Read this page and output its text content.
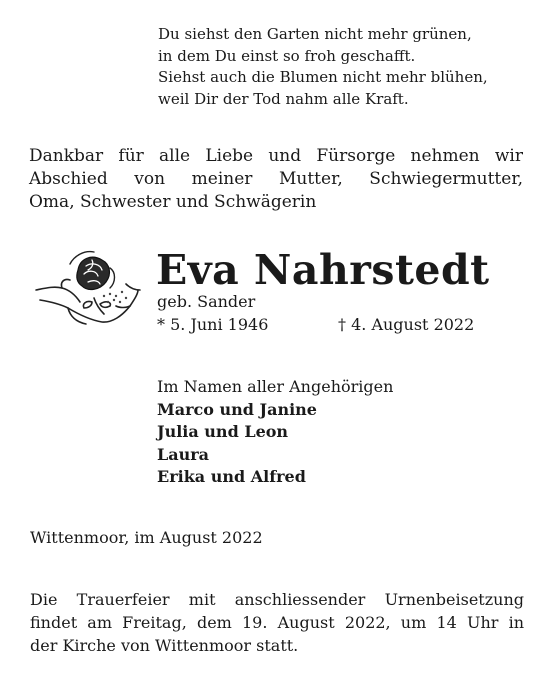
Du siehst den Garten nicht mehr grünen,
in dem Du einst so froh geschafft.
Siehst auch die Blumen nicht mehr blühen,
weil Dir der Tod nahm alle Kraft.
Dankbar für alle Liebe und Fürsorge nehmen wir
Abschied von meiner Mutter, Schwiegermutter,
Oma, Schwester und Schwägerin
Eva Nahrstedt
geb. Sander
* 5. Juni 1946	† 4. August 2022
Im Namen aller Angehörigen
Marco und Janine
Julia und Leon
Laura
Erika und Alfred
Wittenmoor, im August 2022
Die Trauerfeier mit anschliessender Urnenbeisetzung
findet am Freitag, dem 19. August 2022, um 14 Uhr in
der Kirche von Wittenmoor statt.
